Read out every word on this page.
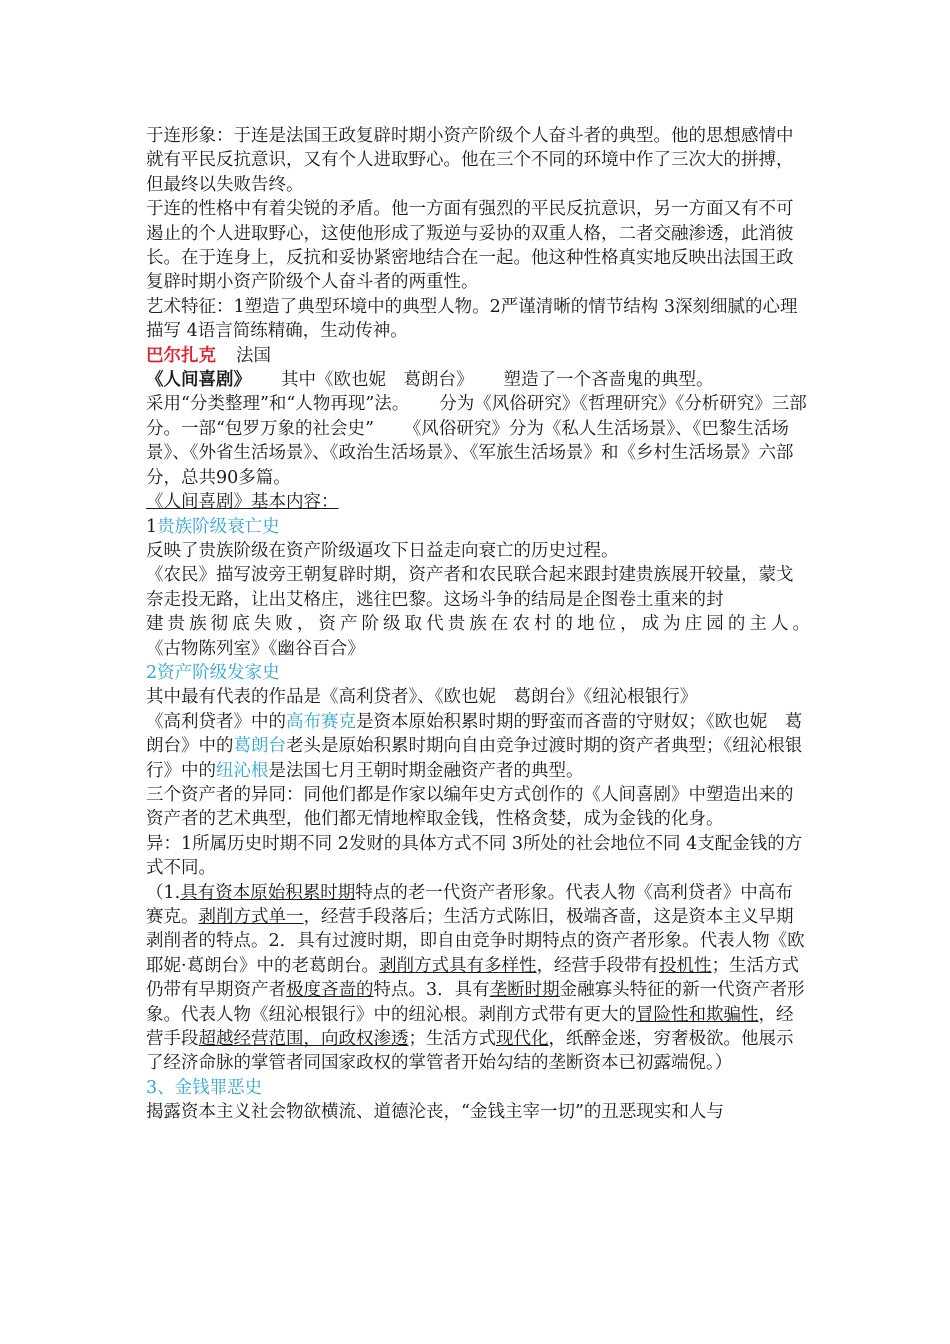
于连形象：于连是法国王政复辟时期小资产阶级个人奋斗者的典型。他的思想感情中就有平民反抗意识，又有个人进取野心。他在三个不同的环境中作了三次大的拼搏，但最终以失败告终。

于连的性格中有着尖锐的矛盾。他一方面有强烈的平民反抗意识，另一方面又有不可遏止的个人进取野心，这使他形成了叛逆与妥协的双重人格，二者交融渗透，此消彼长。在于连身上，反抗和妥协紧密地结合在一起。他这种性格真实地反映出法国王政复辟时期小资产阶级个人奋斗者的两重性。

艺术特征：1塑造了典型环境中的典型人物。2严谨清晰的情节结构 3深刻细腻的心理描写 4语言简练精确，生动传神。

巴尔扎克 法国

《人间喜剧》 其中《欧也妮　葛朗台》 塑造了一个吝啬鬼的典型。

采用“分类整理”和“人物再现”法。 分为《风俗研究》《哲理研究》《分析研究》三部分。一部“包罗万象的社会史” 《风俗研究》分为《私人生活场景》、《巴黎生活场景》、《外省生活场景》、《政治生活场景》、《军旅生活场景》和《乡村生活场景》六部分，总共90多篇。

《人间喜剧》基本内容：

1贵族阶级衰亡史

反映了贵族阶级在资产阶级逼攻下日益走向衰亡的历史过程。

《农民》描写波旁王朝复辟时期，资产者和农民联合起来跟封建贵族展开较量，蒙戈奈走投无路，让出艾格庄，逃往巴黎。这场斗争的结局是企图卷土重来的封

建贵族彻底失败，资产阶级取代贵族在农村的地位，成为庄园的主人。

《古物陈列室》《幽谷百合》

2资产阶级发家史

其中最有代表的作品是《高利贷者》、《欧也妮　葛朗台》《纽沁根银行》

《高利贷者》中的高布赛克是资本原始积累时期的野蛮而吝啬的守财奴；《欧也妮　葛朗台》中的葛朗台老头是原始积累时期向自由竞争过渡时期的资产者典型；《纽沁根银行》中的纽沁根是法国七月王朝时期金融资产者的典型。

三个资产者的异同：同他们都是作家以编年史方式创作的《人间喜剧》中塑造出来的资产者的艺术典型，他们都无情地榨取金钱，性格贪婪，成为金钱的化身。

异：1所属历史时期不同 2发财的具体方式不同 3所处的社会地位不同 4支配金钱的方式不同。

（1.具有资本原始积累时期特点的老一代资产者形象。代表人物《高利贷者》中高布赛克。剥削方式单一，经营手段落后；生活方式陈旧，极端吝啬，这是资本主义早期剥削者的特点。2．具有过渡时期，即自由竞争时期特点的资产者形象。代表人物《欧耶妮·葛朗台》中的老葛朗台。剥削方式具有多样性，经营手段带有投机性；生活方式仍带有早期资产者极度吝啬的特点。3．具有垄断时期金融寡头特征的新一代资产者形象。代表人物《纽沁根银行》中的纽沁根。剥削方式带有更大的冒险性和欺骗性，经营手段超越经营范围，向政权渗透；生活方式现代化，纸醉金迷，穷奢极欲。他展示了经济命脉的掌管者同国家政权的掌管者开始勾结的垄断资本已初露端倪。）

3、金钱罪恶史

揭露资本主义社会物欲横流、道德沦丧，“金钱主宰一切”的丑恶现实和人与
